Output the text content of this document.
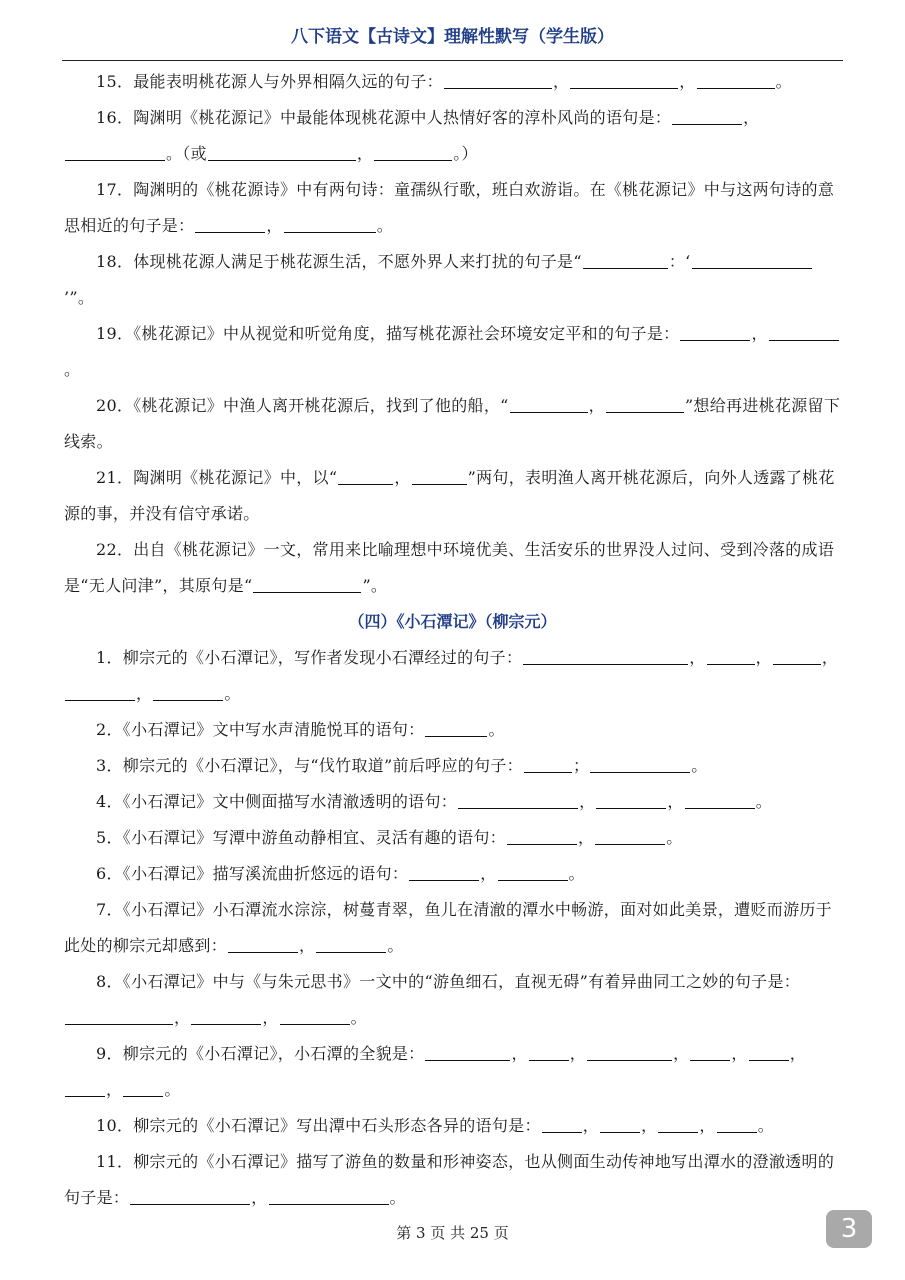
八下语文【古诗文】理解性默写（学生版）

15．最能表明桃花源人与外界相隔久远的句子：	，	，	。

16．陶渊明《桃花源记》中最能体现桃花源中人热情好客的淳朴风尚的语句是：	，。（或	，	。）

17．陶渊明的《桃花源诗》中有两句诗：童孺纵行歌，班白欢游诣。在《桃花源记》中与这两句诗的意思相近的句子是：	，	。

18．体现桃花源人满足于桃花源生活，不愿外界人来打扰的句子是“	：‘’”。

19．《桃花源记》中从视觉和听觉角度，描写桃花源社会环境安定平和的句子是：	，。

20．《桃花源记》中渔人离开桃花源后，找到了他的船，“	，	”想给再进桃花源留下线索。

21．陶渊明《桃花源记》中，以“	，	”两句，表明渔人离开桃花源后，向外人透露了桃花源的事，并没有信守承诺。

22．出自《桃花源记》一文，常用来比喻理想中环境优美、生活安乐的世界没人过问、受到冷落的成语是“无人问津”，其原句是“	”。

（四）《小石潭记》（柳宗元）

1．柳宗元的《小石潭记》，写作者发现小石潭经过的句子：	，	，	，，	。

2．《小石潭记》文中写水声清脆悦耳的语句：	。

3．柳宗元的《小石潭记》，与“伐竹取道”前后呼应的句子：	；	。

4．《小石潭记》文中侧面描写水清澈透明的语句：	，	，	。

5．《小石潭记》写潭中游鱼动静相宜、灵活有趣的语句：	，	。

6．《小石潭记》描写溪流曲折悠远的语句：	，	。

7．《小石潭记》小石潭流水淙淙，树蔓青翠，鱼儿在清澈的潭水中畅游，面对如此美景，遭贬而游历于此处的柳宗元却感到：	，	。

8．《小石潭记》中与《与朱元思书》一文中的“游鱼细石，直视无碍”有着异曲同工之妙的句子是：，	，	。

9．柳宗元的《小石潭记》，小石潭的全貌是：	，	，	，	，	，，	。

10．柳宗元的《小石潭记》写出潭中石头形态各异的语句是：	，	，	，	。

11．柳宗元的《小石潭记》描写了游鱼的数量和形神姿态，也从侧面生动传神地写出潭水的澄澈透明的句子是：	，	。

第 3 页 共 25 页	3
